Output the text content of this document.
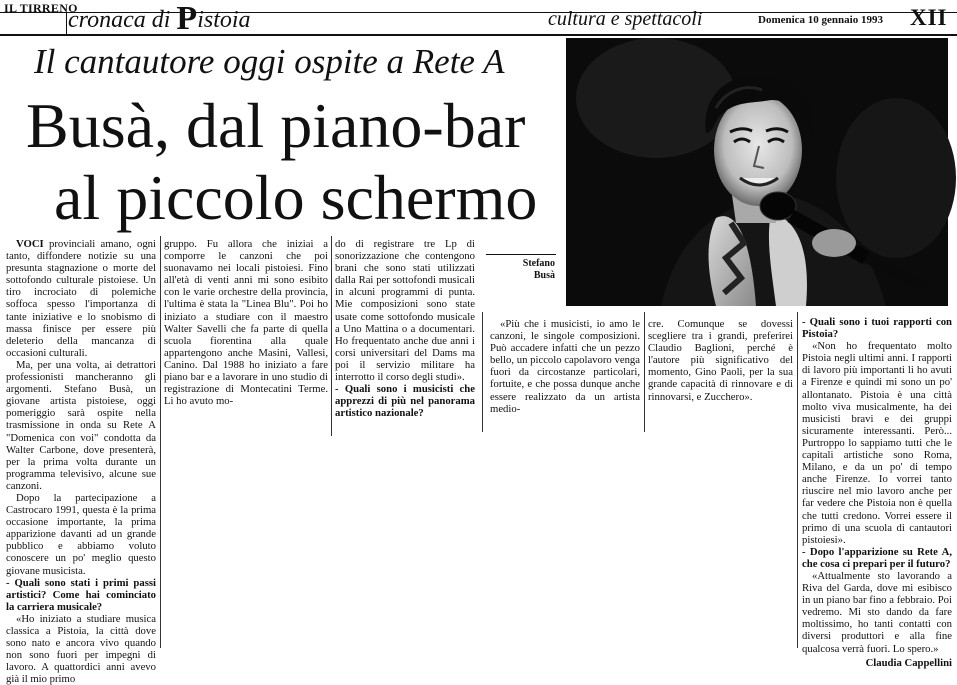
IL TIRRENO
cronaca di Pistoia	cultura e spettacoli	Domenica 10 gennaio 1993 XII
Il cantautore oggi ospite a Rete A
Busà, dal piano-bar
al piccolo schermo
Stefano
Busà

VOCI provinciali amano, ogni tanto, diffondere notizie su una presunta stagnazione o morte del sottofondo culturale pistoiese. Un tiro incrociato di polemiche soffoca spesso l'importanza di tante iniziative e lo snobismo di massa finisce per essere più deleterio della mancanza di occasioni culturali.

Ma, per una volta, ai detrattori professionisti mancheranno gli argomenti. Stefano Busà, un giovane artista pistoiese, oggi pomeriggio sarà ospite nella trasmissione in onda su Rete A "Domenica con voi" condotta da Walter Carbone, dove presenterà, per la prima volta durante un programma televisivo, alcune sue canzoni.

Dopo la partecipazione a Castrocaro 1991, questa è la prima occasione importante, la prima apparizione davanti ad un grande pubblico e abbiamo voluto conoscere un po' meglio questo giovane musicista.

- Quali sono stati i primi passi artistici? Come hai cominciato la carriera musicale?

«Ho iniziato a studiare musica classica a Pistoia, la città dove sono nato e ancora vivo quando non sono fuori per impegni di lavoro. A quattordici anni avevo già il mio primo

gruppo. Fu allora che iniziai a comporre le canzoni che poi suonavamo nei locali pistoiesi. Fino all'età di venti anni mi sono esibito con le varie orchestre della provincia, l'ultima è stata la "Linea Blu". Poi ho iniziato a studiare con il maestro Walter Savelli che fa parte di quella scuola fiorentina alla quale appartengono anche Masini, Vallesi, Canino. Dal 1988 ho iniziato a fare piano bar e a lavorare in uno studio di registrazione di Montecatini Terme. Lì ho avuto mo-

do di registrare tre Lp di sonorizzazione che contengono brani che sono stati utilizzati dalla Rai per sottofondi musicali in alcuni programmi di punta. Mie composizioni sono state usate come sottofondo musicale a Uno Mattina o a documentari. Ho frequentato anche due anni i corsi universitari del Dams ma poi il servizio militare ha interrotto il corso degli studi».

- Quali sono i musicisti che apprezzi di più nel panorama artistico nazionale?

«Più che i musicisti, io amo le canzoni, le singole composizioni. Può accadere infatti che un pezzo bello, un piccolo capolavoro venga fuori da circostanze particolari, fortuite, e che possa dunque anche essere realizzato da un artista medio-

cre. Comunque se dovessi scegliere tra i grandi, preferirei Claudio Baglioni, perché è l'autore più significativo del momento, Gino Paoli, per la sua grande capacità di rinnovare e di rinnovarsi, e Zucchero».

- Quali sono i tuoi rapporti con Pistoia?

«Non ho frequentato molto Pistoia negli ultimi anni. I rapporti di lavoro più importanti li ho avuti a Firenze e quindi mi sono un po' allontanato. Pistoia è una città molto viva musicalmente, ha dei musicisti bravi e dei gruppi sicuramente interessanti. Però... Purtroppo lo sappiamo tutti che le capitali artistiche sono Roma, Milano, e da un po' di tempo anche Firenze. Io vorrei tanto riuscire nel mio lavoro anche per far vedere che Pistoia non è quella che tutti credono. Vorrei essere il primo di una scuola di cantautori pistoiesi».

- Dopo l'apparizione su Rete A, che cosa ci prepari per il futuro?

«Attualmente sto lavorando a Riva del Garda, dove mi esibisco in un piano bar fino a febbraio. Poi vedremo. Mi sto dando da fare moltissimo, ho tanti contatti con diversi produttori e alla fine qualcosa verrà fuori. Lo spero.»

Claudia Cappellini
